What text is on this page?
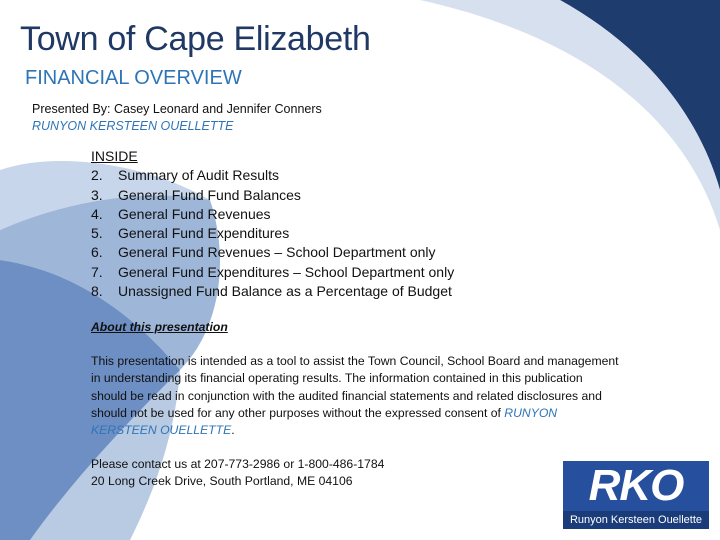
Town of Cape Elizabeth
FINANCIAL OVERVIEW
Presented By: Casey Leonard and Jennifer Conners
RUNYON KERSTEEN OUELLETTE
INSIDE
2. Summary of Audit Results
3. General Fund Fund Balances
4. General Fund Revenues
5. General Fund Expenditures
6. General Fund Revenues – School Department only
7. General Fund Expenditures – School Department only
8. Unassigned Fund Balance as a Percentage of Budget
About this presentation
This presentation is intended as a tool to assist the Town Council, School Board and management in understanding its financial operating results. The information contained in this publication should be read in conjunction with the audited financial statements and related disclosures and should not be used for any other purposes without the expressed consent of RUNYON KERSTEEN OUELLETTE.
Please contact us at 207-773-2986 or 1-800-486-1784
20 Long Creek Drive, South Portland, ME 04106	RKO
Runyon Kersteen Ouellette
